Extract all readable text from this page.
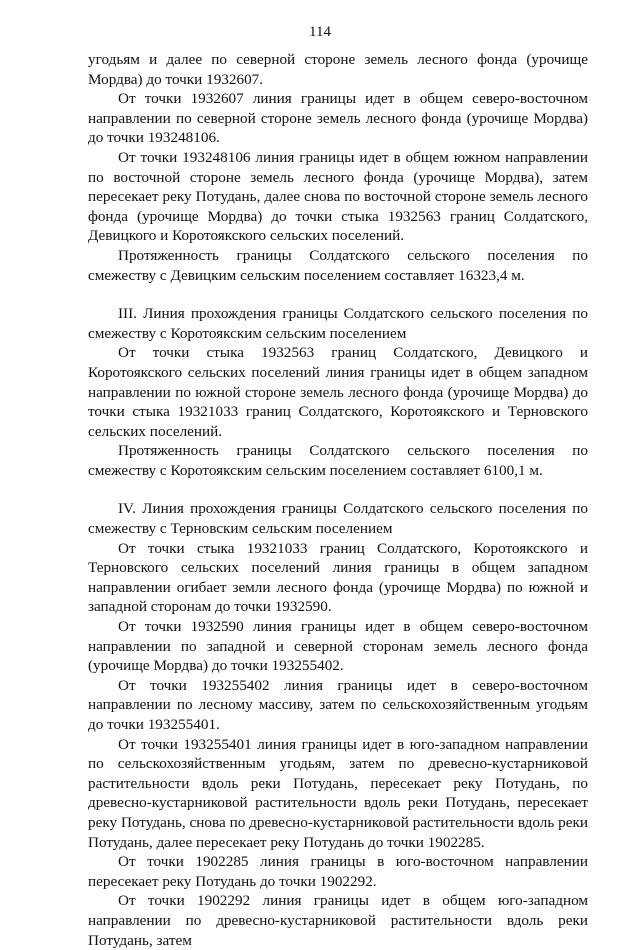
114

угодьям и далее по северной стороне земель лесного фонда (урочище Мордва) до точки 1932607.

От точки 1932607 линия границы идет в общем северо-восточном направлении по северной стороне земель лесного фонда (урочище Мордва) до точки 193248106.

От точки 193248106 линия границы идет в общем южном направлении по восточной стороне земель лесного фонда (урочище Мордва), затем пересекает реку Потудань, далее снова по восточной стороне земель лесного фонда (урочище Мордва) до точки стыка 1932563 границ Солдатского, Девицкого и Коротоякского сельских поселений.

Протяженность границы Солдатского сельского поселения по смежеству с Девицким сельским поселением составляет 16323,4 м.

III. Линия прохождения границы Солдатского сельского поселения по смежеству с Коротоякским сельским поселением

От точки стыка 1932563 границ Солдатского, Девицкого и Коротоякского сельских поселений линия границы идет в общем западном направлении по южной стороне земель лесного фонда (урочище Мордва) до точки стыка 19321033 границ Солдатского, Коротоякского и Терновского сельских поселений.

Протяженность границы Солдатского сельского поселения по смежеству с Коротоякским сельским поселением составляет 6100,1 м.

IV. Линия прохождения границы Солдатского сельского поселения по смежеству с Терновским сельским поселением

От точки стыка 19321033 границ Солдатского, Коротоякского и Терновского сельских поселений линия границы в общем западном направлении огибает земли лесного фонда (урочище Мордва) по южной и западной сторонам до точки 1932590.

От точки 1932590 линия границы идет в общем северо-восточном направлении по западной и северной сторонам земель лесного фонда (урочище Мордва) до точки 193255402.

От точки 193255402 линия границы идет в северо-восточном направлении по лесному массиву, затем по сельскохозяйственным угодьям до точки 193255401.

От точки 193255401 линия границы идет в юго-западном направлении по сельскохозяйственным угодьям, затем по древесно-кустарниковой растительности вдоль реки Потудань, пересекает реку Потудань, по древесно-кустарниковой растительности вдоль реки Потудань, пересекает реку Потудань, снова по древесно-кустарниковой растительности вдоль реки Потудань, далее пересекает реку Потудань до точки 1902285.

От точки 1902285 линия границы в юго-восточном направлении пересекает реку Потудань до точки 1902292.

От точки 1902292 линия границы идет в общем юго-западном направлении по древесно-кустарниковой растительности вдоль реки Потудань, затем
